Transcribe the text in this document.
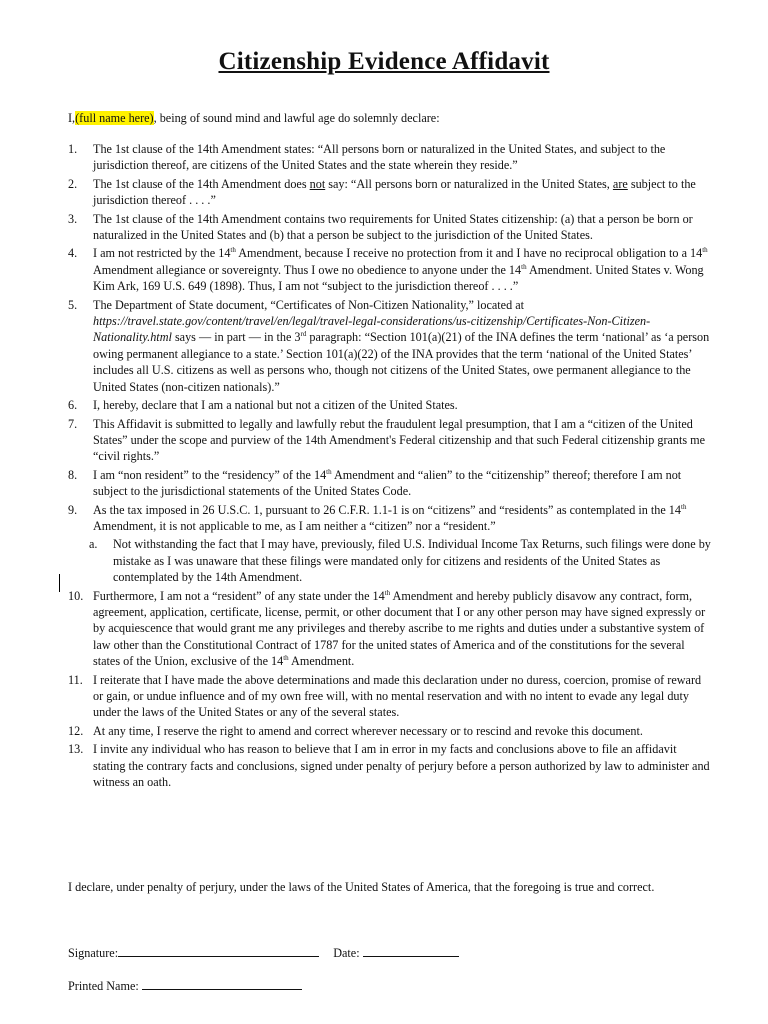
Citizenship Evidence Affidavit
I,(full name here), being of sound mind and lawful age do solemnly declare:
1. The 1st clause of the 14th Amendment states: “All persons born or naturalized in the United States, and subject to the jurisdiction thereof, are citizens of the United States and the state wherein they reside.”
2. The 1st clause of the 14th Amendment does not say: “All persons born or naturalized in the United States, are subject to the jurisdiction thereof . . . .”
3. The 1st clause of the 14th Amendment contains two requirements for United States citizenship: (a) that a person be born or naturalized in the United States and (b) that a person be subject to the jurisdiction of the United States.
4. I am not restricted by the 14th Amendment, because I receive no protection from it and I have no reciprocal obligation to a 14th Amendment allegiance or sovereignty. Thus I owe no obedience to anyone under the 14th Amendment. United States v. Wong Kim Ark, 169 U.S. 649 (1898). Thus, I am not “subject to the jurisdiction thereof . . . .”
5. The Department of State document, “Certificates of Non-Citizen Nationality,” located at https://travel.state.gov/content/travel/en/legal/travel-legal-considerations/us-citizenship/Certificates-Non-Citizen-Nationality.html says — in part — in the 3rd paragraph: “Section 101(a)(21) of the INA defines the term ‘national’ as ‘a person owing permanent allegiance to a state.’ Section 101(a)(22) of the INA provides that the term ‘national of the United States’ includes all U.S. citizens as well as persons who, though not citizens of the United States, owe permanent allegiance to the United States (non-citizen nationals).”
6. I, hereby, declare that I am a national but not a citizen of the United States.
7. This Affidavit is submitted to legally and lawfully rebut the fraudulent legal presumption, that I am a “citizen of the United States” under the scope and purview of the 14th Amendment's Federal citizenship and that such Federal citizenship grants me “civil rights.”
8. I am “non resident” to the “residency” of the 14th Amendment and “alien” to the “citizenship” thereof; therefore I am not subject to the jurisdictional statements of the United States Code.
9. As the tax imposed in 26 U.S.C. 1, pursuant to 26 C.F.R. 1.1-1 is on “citizens” and “residents” as contemplated in the 14th Amendment, it is not applicable to me, as I am neither a “citizen” nor a “resident.”
a. Not withstanding the fact that I may have, previously, filed U.S. Individual Income Tax Returns, such filings were done by mistake as I was unaware that these filings were mandated only for citizens and residents of the United States as contemplated by the 14th Amendment.
10. Furthermore, I am not a “resident” of any state under the 14th Amendment and hereby publicly disavow any contract, form, agreement, application, certificate, license, permit, or other document that I or any other person may have signed expressly or by acquiescence that would grant me any privileges and thereby ascribe to me rights and duties under a substantive system of law other than the Constitutional Contract of 1787 for the united states of America and of the constitutions for the several states of the Union, exclusive of the 14th Amendment.
11. I reiterate that I have made the above determinations and made this declaration under no duress, coercion, promise of reward or gain, or undue influence and of my own free will, with no mental reservation and with no intent to evade any legal duty under the laws of the United States or any of the several states.
12. At any time, I reserve the right to amend and correct wherever necessary or to rescind and revoke this document.
13. I invite any individual who has reason to believe that I am in error in my facts and conclusions above to file an affidavit stating the contrary facts and conclusions, signed under penalty of perjury before a person authorized by law to administer and witness an oath.
I declare, under penalty of perjury, under the laws of the United States of America, that the foregoing is true and correct.
Signature:	Date:
Printed Name:
